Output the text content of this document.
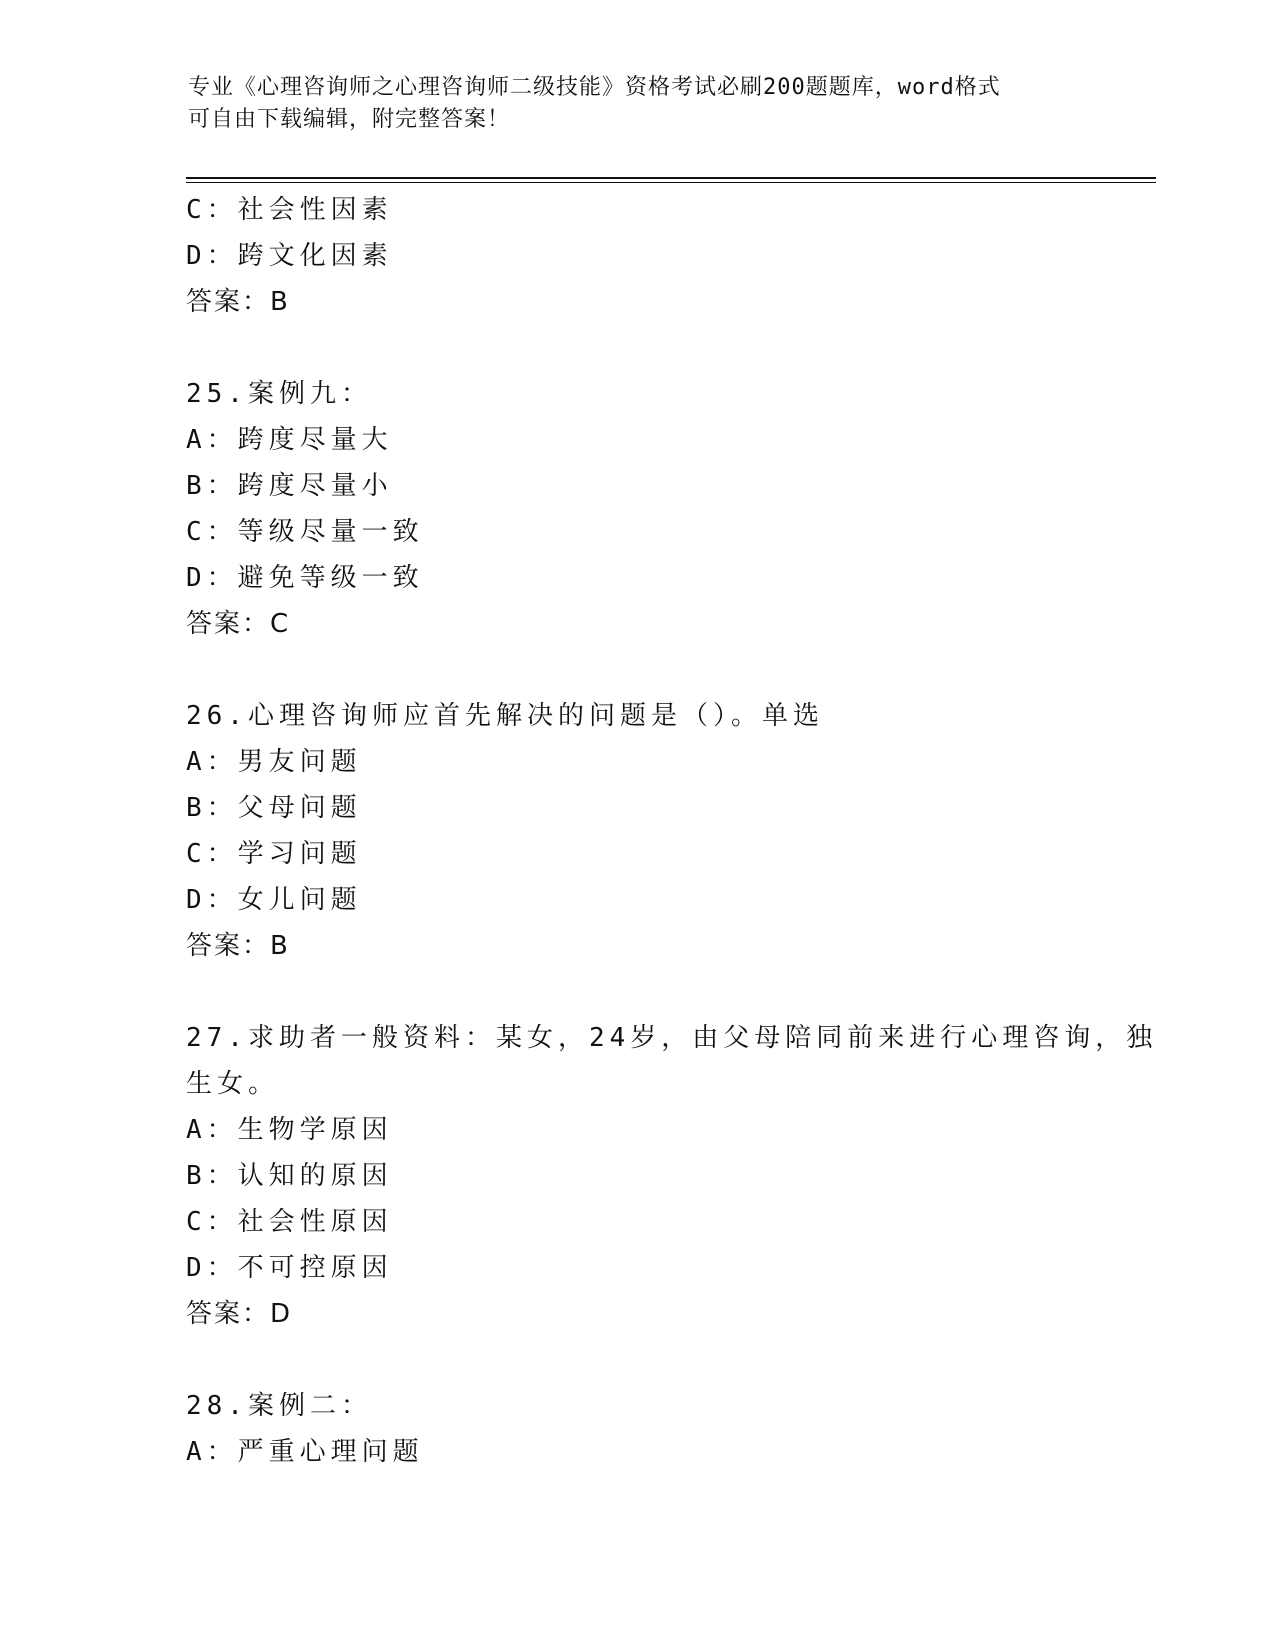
专业《心理咨询师之心理咨询师二级技能》资格考试必刷200题题库，word格式
可自由下载编辑，附完整答案！
C：社会性因素
D：跨文化因素
答案：B
25.案例九：
A：跨度尽量大
B：跨度尽量小
C：等级尽量一致
D：避免等级一致
答案：C
26.心理咨询师应首先解决的问题是（）。单选
A：男友问题
B：父母问题
C：学习问题
D：女儿问题
答案：B
27.求助者一般资料：某女，24岁，由父母陪同前来进行心理咨询，独
生女。
A：生物学原因
B：认知的原因
C：社会性原因
D：不可控原因
答案：D
28.案例二：
A：严重心理问题
